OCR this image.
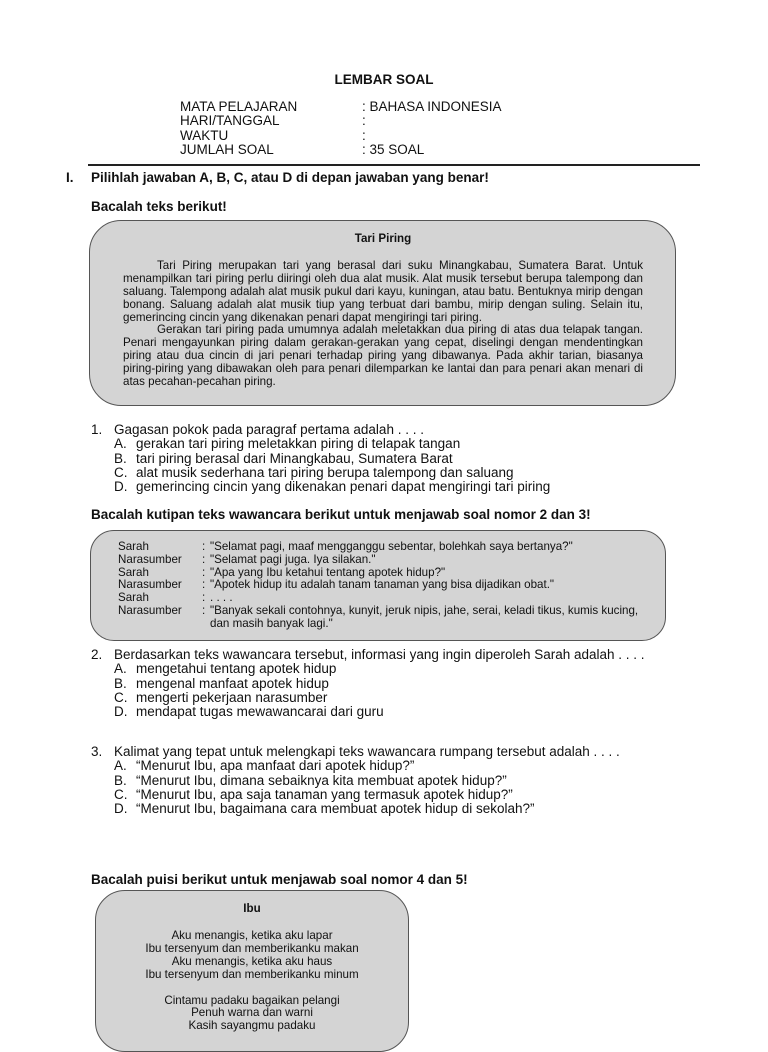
LEMBAR SOAL
MATA PELAJARAN	: BAHASA INDONESIA
HARI/TANGGAL	:
WAKTU	:
JUMLAH SOAL	: 35 SOAL
I. Pilihlah jawaban A, B, C, atau D di depan jawaban yang benar!
Bacalah teks berikut!
Tari Piring

Tari Piring merupakan tari yang berasal dari suku Minangkabau, Sumatera Barat. Untuk menampilkan tari piring perlu diiringi oleh dua alat musik. Alat musik tersebut berupa talempong dan saluang. Talempong adalah alat musik pukul dari kayu, kuningan, atau batu. Bentuknya mirip dengan bonang. Saluang adalah alat musik tiup yang terbuat dari bambu, mirip dengan suling. Selain itu, gemerincing cincin yang dikenakan penari dapat mengiringi tari piring.

Gerakan tari piring pada umumnya adalah meletakkan dua piring di atas dua telapak tangan. Penari mengayunkan piring dalam gerakan-gerakan yang cepat, diselingi dengan mendentingkan piring atau dua cincin di jari penari terhadap piring yang dibawanya. Pada akhir tarian, biasanya piring-piring yang dibawakan oleh para penari dilemparkan ke lantai dan para penari akan menari di atas pecahan-pecahan piring.

1. Gagasan pokok pada paragraf pertama adalah . . . .
A. gerakan tari piring meletakkan piring di telapak tangan
B. tari piring berasal dari Minangkabau, Sumatera Barat
C. alat musik sederhana tari piring berupa talempong dan saluang
D. gemerincing cincin yang dikenakan penari dapat mengiringi tari piring
Bacalah kutipan teks wawancara berikut untuk menjawab soal nomor 2 dan 3!
Sarah	: "Selamat pagi, maaf mengganggu sebentar, bolehkah saya bertanya?"
Narasumber	: "Selamat pagi juga. Iya silakan."
Sarah	: "Apa yang Ibu ketahui tentang apotek hidup?"
Narasumber	: "Apotek hidup itu adalah tanam tanaman yang bisa dijadikan obat."
Sarah	: . . . .
Narasumber	: "Banyak sekali contohnya, kunyit, jeruk nipis, jahe, serai, keladi tikus, kumis kucing, dan masih banyak lagi."
2. Berdasarkan teks wawancara tersebut, informasi yang ingin diperoleh Sarah adalah . . . .
A. mengetahui tentang apotek hidup
B. mengenal manfaat apotek hidup
C. mengerti pekerjaan narasumber
D. mendapat tugas mewawancarai dari guru
3. Kalimat yang tepat untuk melengkapi teks wawancara rumpang tersebut adalah . . . .
A. “Menurut Ibu, apa manfaat dari apotek hidup?”
B. “Menurut Ibu, dimana sebaiknya kita membuat apotek hidup?”
C. “Menurut Ibu, apa saja tanaman yang termasuk apotek hidup?”
D. “Menurut Ibu, bagaimana cara membuat apotek hidup di sekolah?”
Bacalah puisi berikut untuk menjawab soal nomor 4 dan 5!
Ibu
Aku menangis, ketika aku lapar
Ibu tersenyum dan memberikanku makan
Aku menangis, ketika aku haus
Ibu tersenyum dan memberikanku minum
Cintamu padaku bagaikan pelangi
Penuh warna dan warni
Kasih sayangmu padaku
